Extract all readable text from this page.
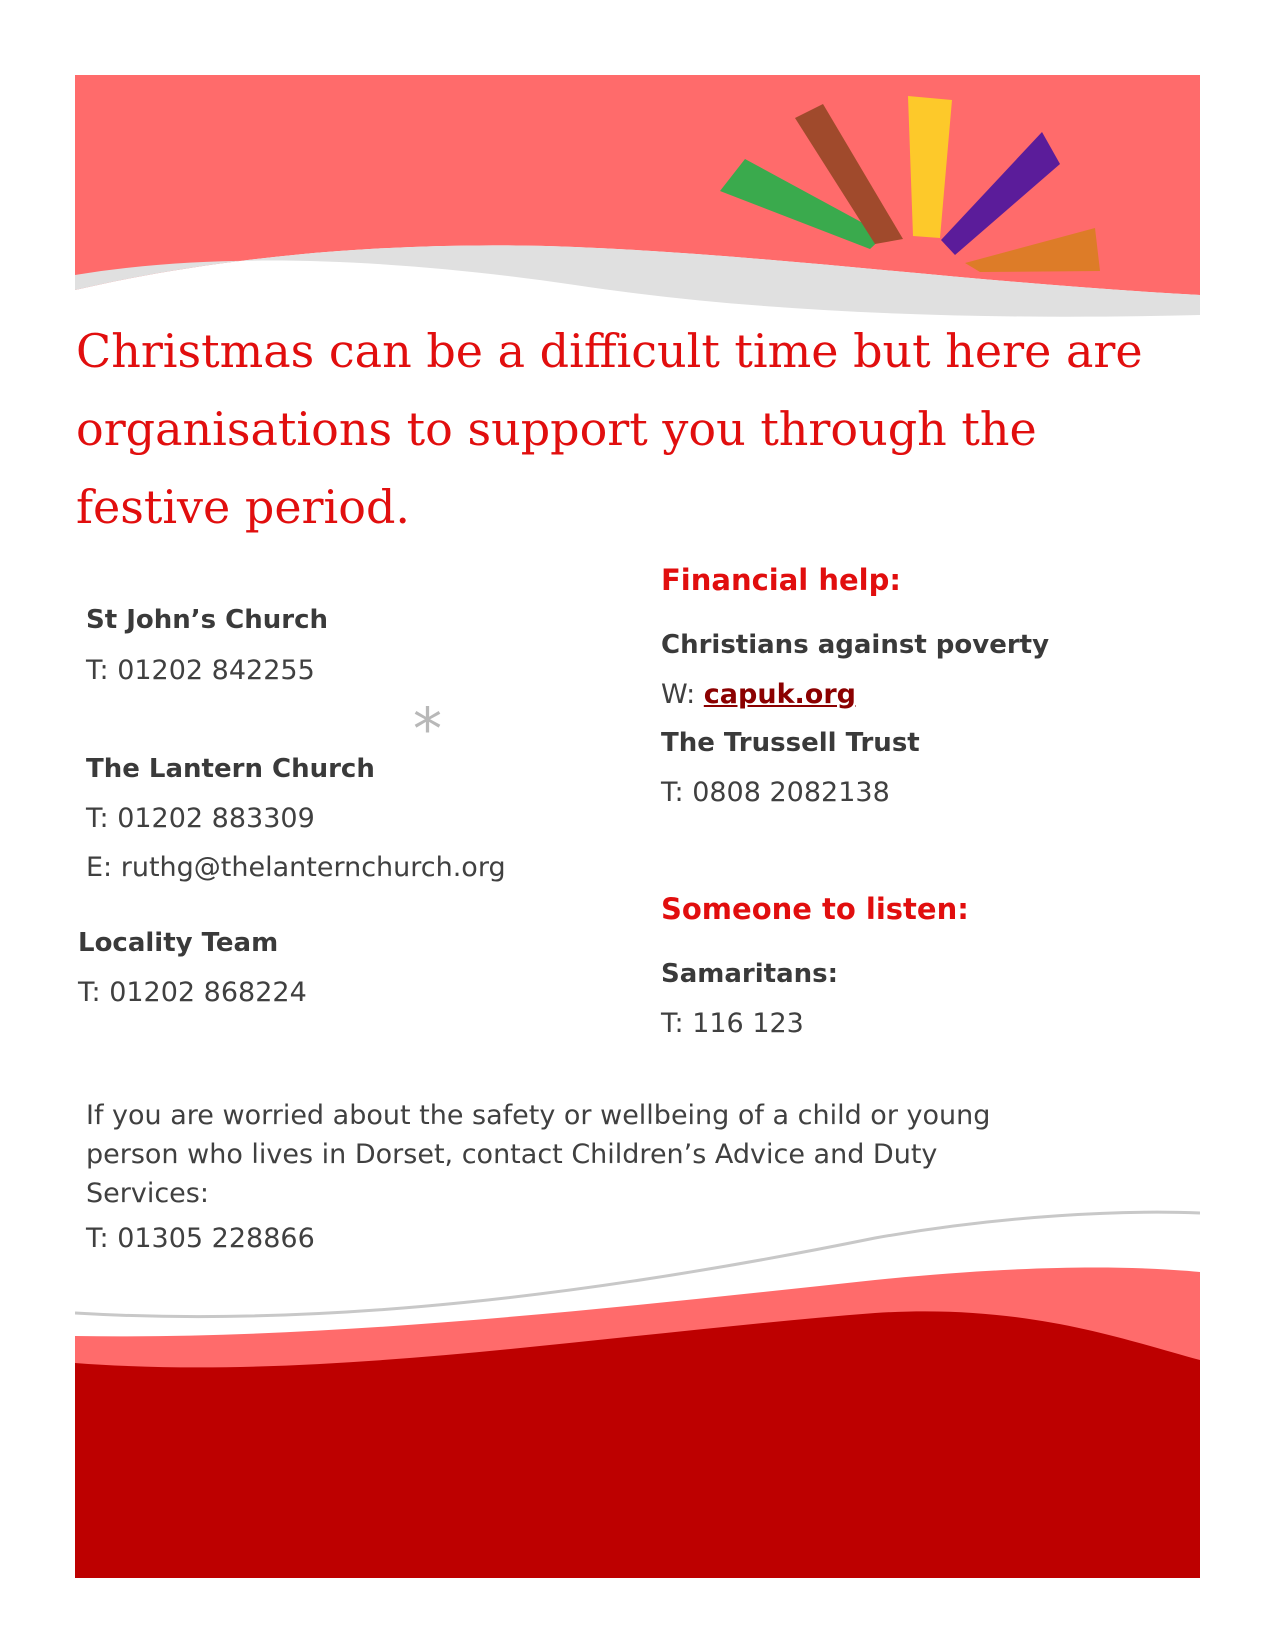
Christmas can be a difficult time but here are organisations to support you through the festive period.

St John’s Church

T: 01202 842255

*

The Lantern Church

T: 01202 883309

E: ruthg@thelanternchurch.org

Locality Team

T: 01202 868224

Financial help:

Christians against poverty

W: capuk.org

The Trussell Trust

T: 0808 2082138

Someone to listen:

Samaritans:

T: 116 123

If you are worried about the safety or wellbeing of a child or young person who lives in Dorset, contact Children’s Advice and Duty Services:

T: 01305 228866
